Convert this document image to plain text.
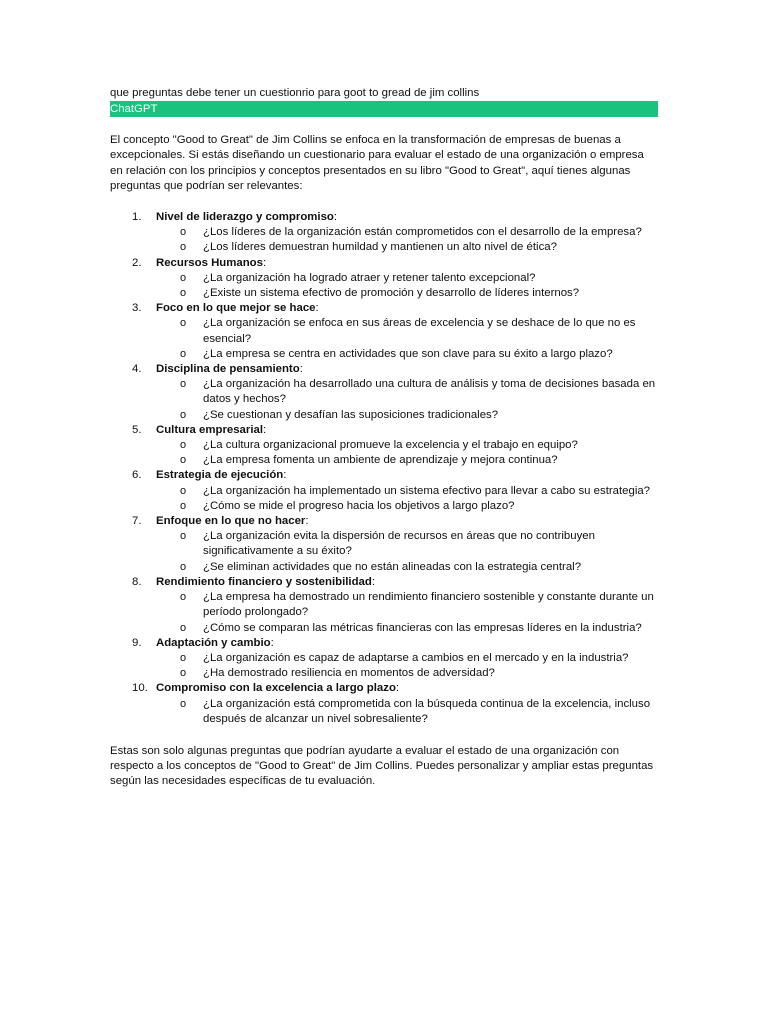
que preguntas debe tener un cuestionrio para goot to gread de jim collins

ChatGPT

El concepto "Good to Great" de Jim Collins se enfoca en la transformación de empresas de buenas a excepcionales. Si estás diseñando un cuestionario para evaluar el estado de una organización o empresa en relación con los principios y conceptos presentados en su libro "Good to Great", aquí tienes algunas preguntas que podrían ser relevantes:

1. Nivel de liderazgo y compromiso:
o ¿Los líderes de la organización están comprometidos con el desarrollo de la empresa?
o ¿Los líderes demuestran humildad y mantienen un alto nivel de ética?
2. Recursos Humanos:
o ¿La organización ha logrado atraer y retener talento excepcional?
o ¿Existe un sistema efectivo de promoción y desarrollo de líderes internos?
3. Foco en lo que mejor se hace:
o ¿La organización se enfoca en sus áreas de excelencia y se deshace de lo que no es esencial?
o ¿La empresa se centra en actividades que son clave para su éxito a largo plazo?
4. Disciplina de pensamiento:
o ¿La organización ha desarrollado una cultura de análisis y toma de decisiones basada en datos y hechos?
o ¿Se cuestionan y desafían las suposiciones tradicionales?
5. Cultura empresarial:
o ¿La cultura organizacional promueve la excelencia y el trabajo en equipo?
o ¿La empresa fomenta un ambiente de aprendizaje y mejora continua?
6. Estrategia de ejecución:
o ¿La organización ha implementado un sistema efectivo para llevar a cabo su estrategia?
o ¿Cómo se mide el progreso hacia los objetivos a largo plazo?
7. Enfoque en lo que no hacer:
o ¿La organización evita la dispersión de recursos en áreas que no contribuyen significativamente a su éxito?
o ¿Se eliminan actividades que no están alineadas con la estrategia central?
8. Rendimiento financiero y sostenibilidad:
o ¿La empresa ha demostrado un rendimiento financiero sostenible y constante durante un período prolongado?
o ¿Cómo se comparan las métricas financieras con las empresas líderes en la industria?
9. Adaptación y cambio:
o ¿La organización es capaz de adaptarse a cambios en el mercado y en la industria?
o ¿Ha demostrado resiliencia en momentos de adversidad?
10. Compromiso con la excelencia a largo plazo:
o ¿La organización está comprometida con la búsqueda continua de la excelencia, incluso después de alcanzar un nivel sobresaliente?

Estas son solo algunas preguntas que podrían ayudarte a evaluar el estado de una organización con respecto a los conceptos de "Good to Great" de Jim Collins. Puedes personalizar y ampliar estas preguntas según las necesidades específicas de tu evaluación.
